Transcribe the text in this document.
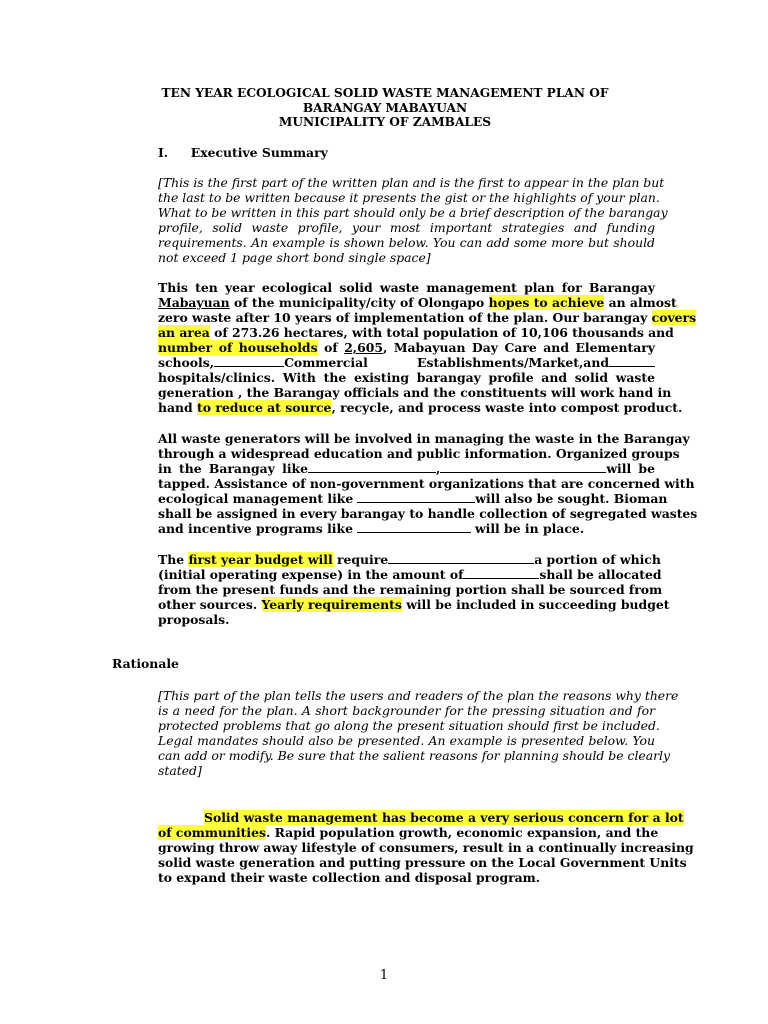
TEN YEAR ECOLOGICAL SOLID WASTE MANAGEMENT PLAN OF
BARANGAY MABAYUAN
MUNICIPALITY OF ZAMBALES
I. Executive Summary
[This is the first part of the written plan and is the first to appear in the plan but
the last to be written because it presents the gist or the highlights of your plan.
What to be written in this part should only be a brief description of the barangay
profile, solid waste profile, your most important strategies and funding
requirements. An example is shown below. You can add some more but should
not exceed 1 page short bond single space]
This ten year ecological solid waste management plan for Barangay
Mabayuan of the municipality/city of Olongapo hopes to achieve an almost
zero waste after 10 years of implementation of the plan. Our barangay covers
an area of 273.26 hectares, with total population of 10,106 thousands and
number of households of 2,605, Mabayuan Day Care and Elementary
schools,	Commercial Establishments/Market,and
hospitals/clinics. With the existing barangay profile and solid waste
generation , the Barangay officials and the constituents will work hand in
hand to reduce at source, recycle, and process waste into compost product.
All waste generators will be involved in managing the waste in the Barangay
through a widespread education and public information. Organized groups
in the Barangay like	,	will be
tapped. Assistance of non-government organizations that are concerned with
ecological management like	will also be sought. Bioman
shall be assigned in every barangay to handle collection of segregated wastes
and incentive programs like	will be in place.
The first year budget will require	a portion of which
(initial operating expense) in the amount of	shall be allocated
from the present funds and the remaining portion shall be sourced from
other sources. Yearly requirements will be included in succeeding budget
proposals.
Rationale
[This part of the plan tells the users and readers of the plan the reasons why there
is a need for the plan. A short backgrounder for the pressing situation and for
protected problems that go along the present situation should first be included.
Legal mandates should also be presented. An example is presented below. You
can add or modify. Be sure that the salient reasons for planning should be clearly
stated]
Solid waste management has become a very serious concern for a lot
of communities. Rapid population growth, economic expansion, and the
growing throw away lifestyle of consumers, result in a continually increasing
solid waste generation and putting pressure on the Local Government Units
to expand their waste collection and disposal program.
1
